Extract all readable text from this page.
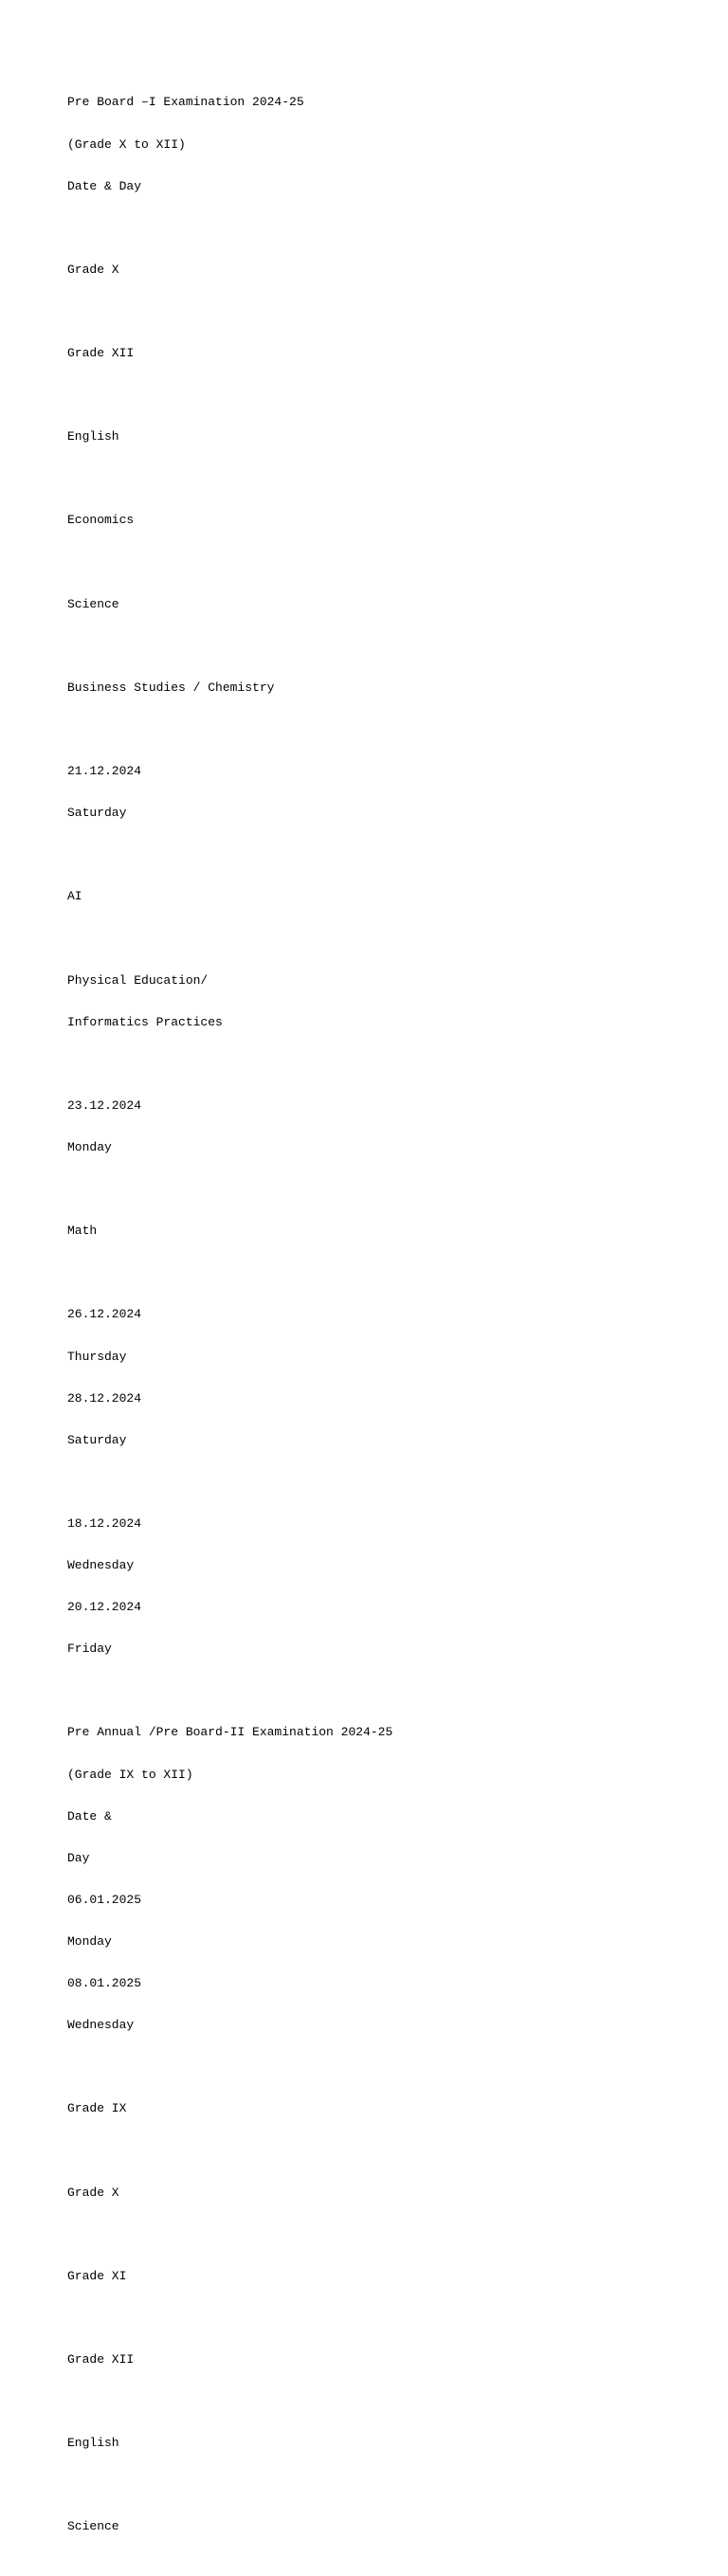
Pre Board –I Examination 2024-25

(Grade X to XII)

Date & Day

Grade X

Grade XII

English

Economics

Science

Business Studies / Chemistry

21.12.2024

Saturday

AI

Physical Education/

Informatics Practices

23.12.2024

Monday

Math

26.12.2024

Thursday

28.12.2024

Saturday

18.12.2024

Wednesday

20.12.2024

Friday

Pre Annual /Pre Board-II Examination 2024-25

(Grade IX to XII)

Date &

Day

06.01.2025

Monday

08.01.2025

Wednesday

Grade IX

Grade X

Grade XI

Grade XII

English

Science
